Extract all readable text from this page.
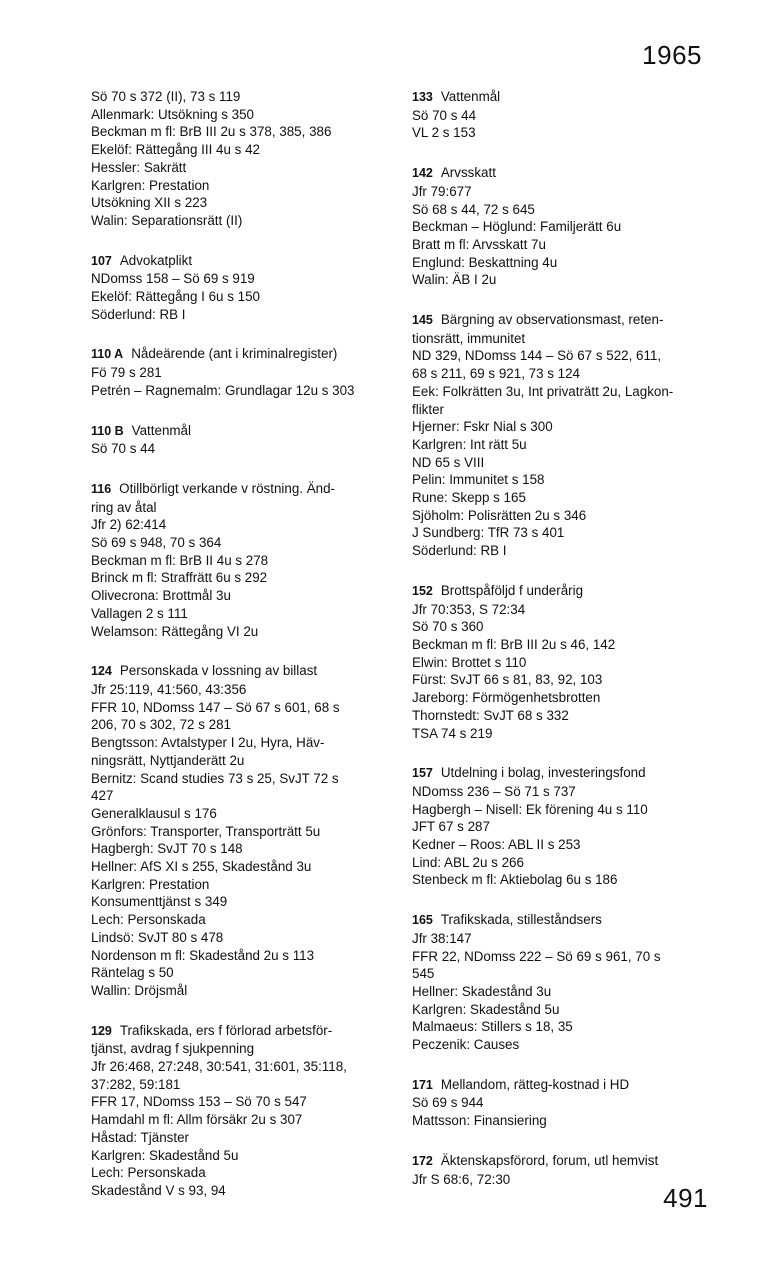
1965
Sö 70 s 372 (II), 73 s 119
Allenmark: Utsökning s 350
Beckman m fl: BrB III 2u s 378, 385, 386
Ekelöf: Rättegång III 4u s 42
Hessler: Sakrätt
Karlgren: Prestation
Utsökning XII s 223
Walin: Separationsrätt (II)
107 Advokatplikt
NDomss 158 – Sö 69 s 919
Ekelöf: Rättegång I 6u s 150
Söderlund: RB I
110 A Nådeärende (ant i kriminalregister)
Fö 79 s 281
Petrén – Ragnemalm: Grundlagar 12u s 303
110 B Vattenmål
Sö 70 s 44
116 Otillbörligt verkande v röstning. Änd-
ring av åtal
Jfr 2) 62:414
Sö 69 s 948, 70 s 364
Beckman m fl: BrB II 4u s 278
Brinck m fl: Straffrätt 6u s 292
Olivecrona: Brottmål 3u
Vallagen 2 s 111
Welamson: Rättegång VI 2u
124 Personskada v lossning av billast
Jfr 25:119, 41:560, 43:356
FFR 10, NDomss 147 – Sö 67 s 601, 68 s
206, 70 s 302, 72 s 281
Bengtsson: Avtalstyper I 2u, Hyra, Häv-
ningsrätt, Nyttjanderätt 2u
Bernitz: Scand studies 73 s 25, SvJT 72 s
427
Generalklausul s 176
Grönfors: Transporter, Transporträtt 5u
Hagbergh: SvJT 70 s 148
Hellner: AfS XI s 255, Skadestånd 3u
Karlgren: Prestation
Konsumenttjänst s 349
Lech: Personskada
Lindsö: SvJT 80 s 478
Nordenson m fl: Skadestånd 2u s 113
Räntelag s 50
Wallin: Dröjsmål
129 Trafikskada, ers f förlorad arbetsför-
tjänst, avdrag f sjukpenning
Jfr 26:468, 27:248, 30:541, 31:601, 35:118,
37:282, 59:181
FFR 17, NDomss 153 – Sö 70 s 547
Hamdahl m fl: Allm försäkr 2u s 307
Håstad: Tjänster
Karlgren: Skadestånd 5u
Lech: Personskada
Skadestånd V s 93, 94
133 Vattenmål
Sö 70 s 44
VL 2 s 153
142 Arvsskatt
Jfr 79:677
Sö 68 s 44, 72 s 645
Beckman – Höglund: Familjerätt 6u
Bratt m fl: Arvsskatt 7u
Englund: Beskattning 4u
Walin: ÄB I 2u
145 Bärgning av observationsmast, reten-
tionsrätt, immunitet
ND 329, NDomss 144 – Sö 67 s 522, 611,
68 s 211, 69 s 921, 73 s 124
Eek: Folkrätten 3u, Int privaträtt 2u, Lagkon-
flikter
Hjerner: Fskr Nial s 300
Karlgren: Int rätt 5u
ND 65 s VIII
Pelin: Immunitet s 158
Rune: Skepp s 165
Sjöholm: Polisrätten 2u s 346
J Sundberg: TfR 73 s 401
Söderlund: RB I
152 Brottspåföljd f underårig
Jfr 70:353, S 72:34
Sö 70 s 360
Beckman m fl: BrB III 2u s 46, 142
Elwin: Brottet s 110
Fürst: SvJT 66 s 81, 83, 92, 103
Jareborg: Förmögenhetsbrotten
Thornstedt: SvJT 68 s 332
TSA 74 s 219
157 Utdelning i bolag, investeringsfond
NDomss 236 – Sö 71 s 737
Hagbergh – Nisell: Ek förening 4u s 110
JFT 67 s 287
Kedner – Roos: ABL II s 253
Lind: ABL 2u s 266
Stenbeck m fl: Aktiebolag 6u s 186
165 Trafikskada, stilleståndsers
Jfr 38:147
FFR 22, NDomss 222 – Sö 69 s 961, 70 s
545
Hellner: Skadestånd 3u
Karlgren: Skadestånd 5u
Malmaeus: Stillers s 18, 35
Peczenik: Causes
171 Mellandom, rätteg-kostnad i HD
Sö 69 s 944
Mattsson: Finansiering
172 Äktenskapsförord, forum, utl hemvist
Jfr S 68:6, 72:30
491
